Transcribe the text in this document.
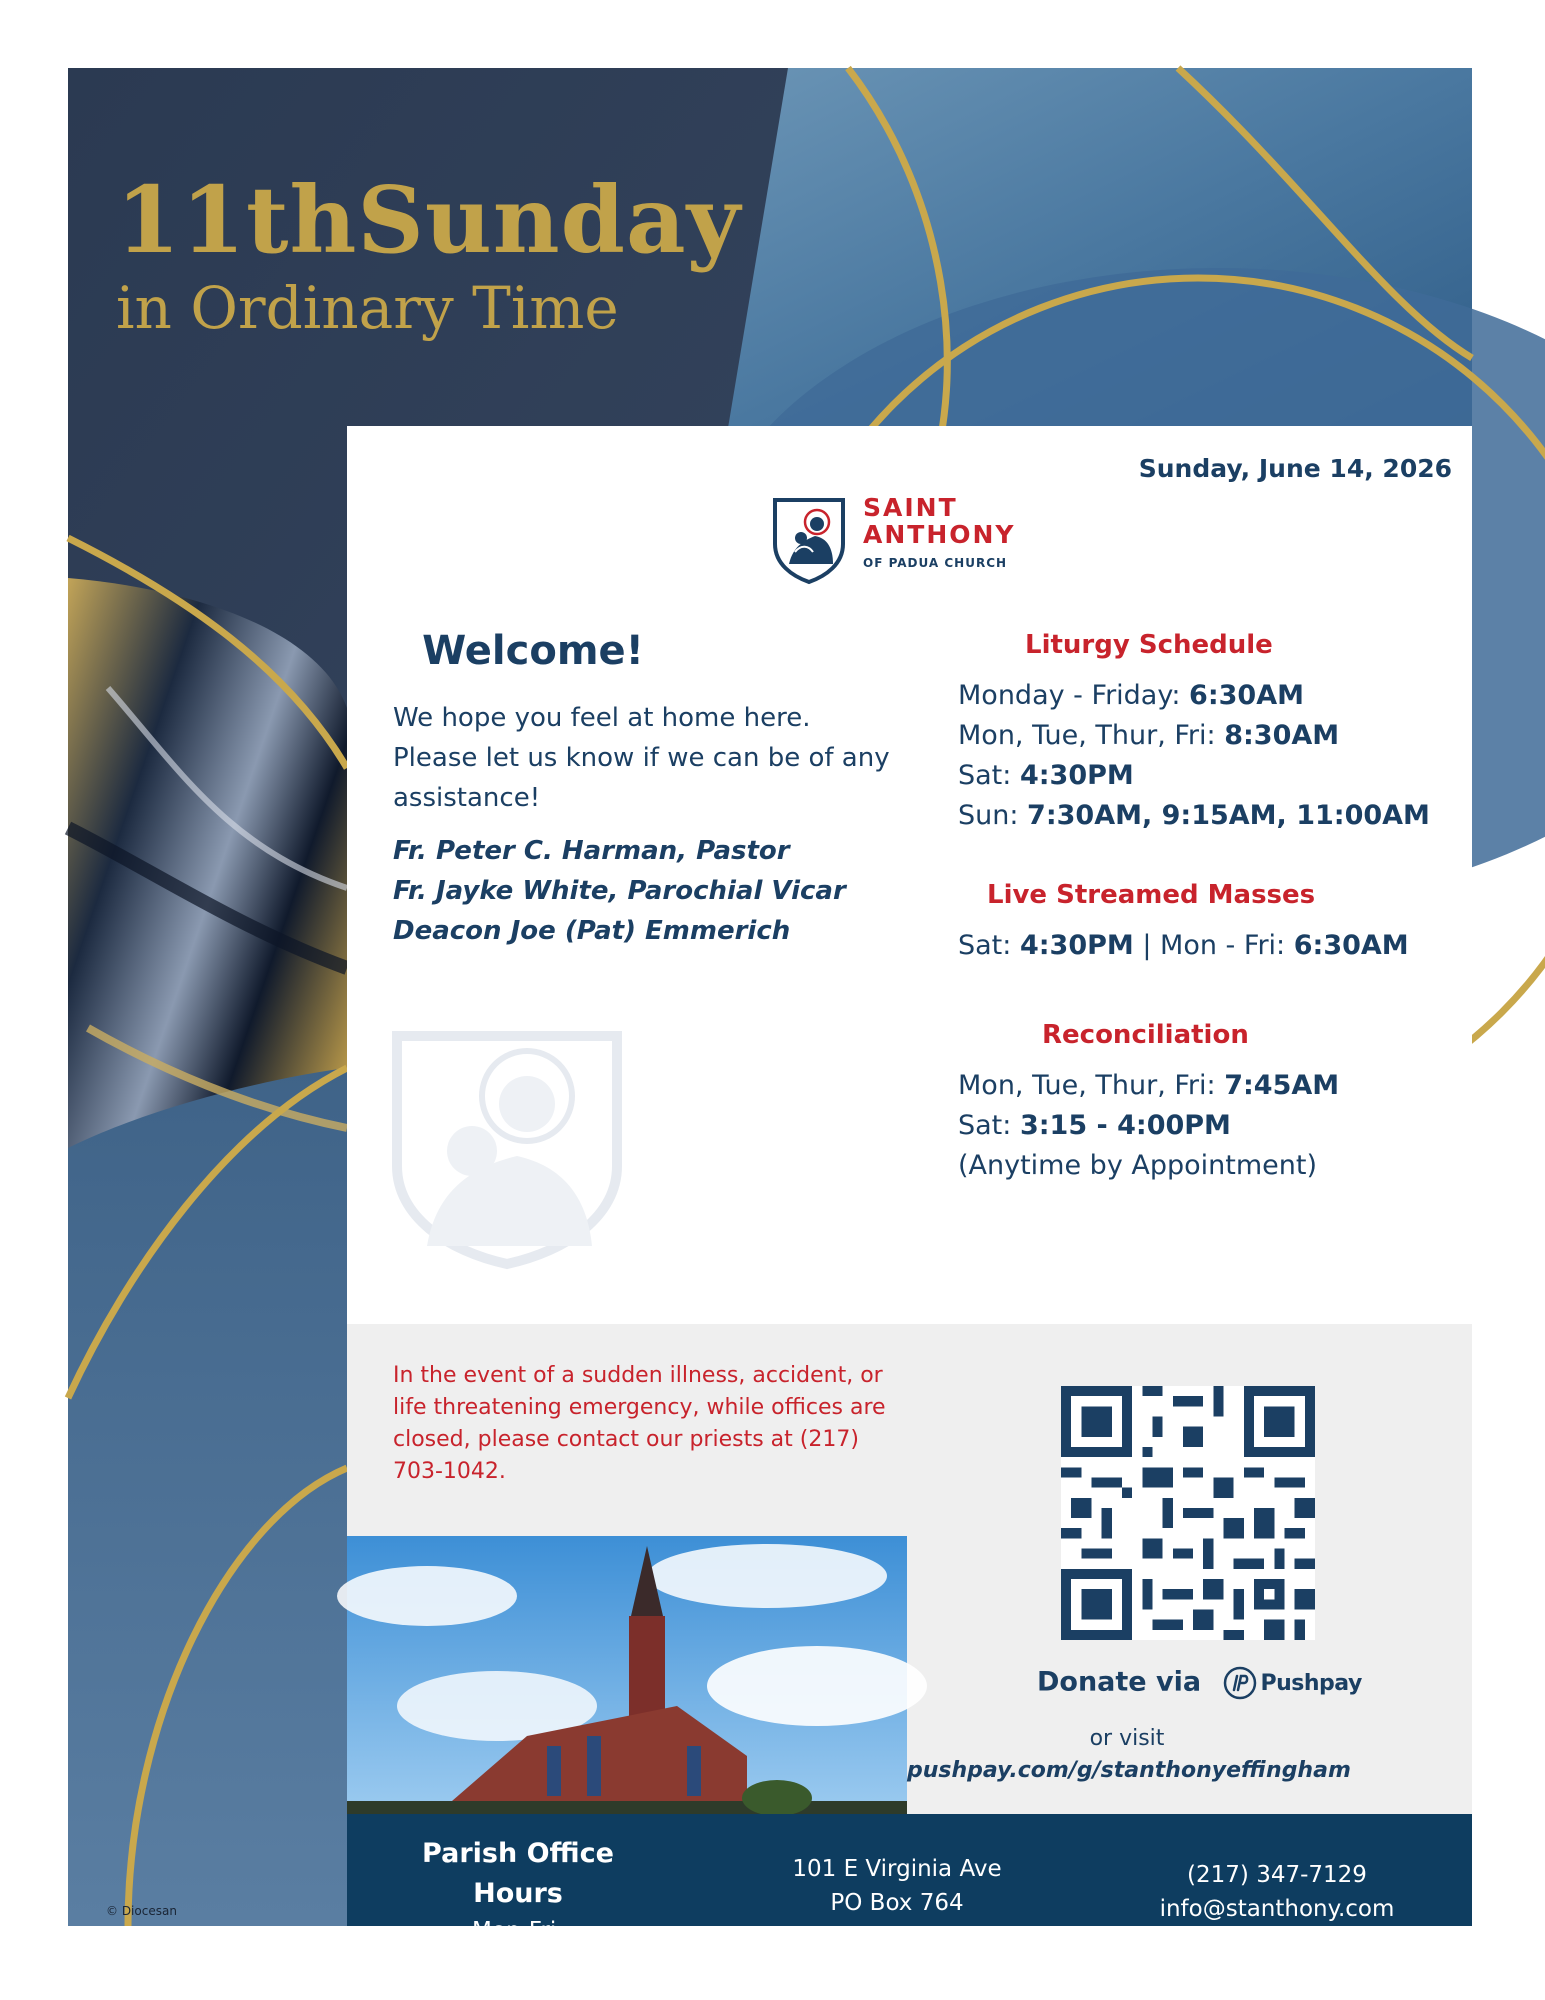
11thSunday
in Ordinary Time
Sunday, June 14, 2026
SAINT
ANTHONY
OF PADUA CHURCH
Welcome!
We hope you feel at home here. Please let us know if we can be of any assistance!
Fr. Peter C. Harman, Pastor
Fr. Jayke White, Parochial Vicar
Deacon Joe (Pat) Emmerich
Liturgy Schedule
Monday - Friday: 6:30AM
Mon, Tue, Thur, Fri: 8:30AM
Sat: 4:30PM
Sun: 7:30AM, 9:15AM, 11:00AM
Live Streamed Masses
Sat: 4:30PM | Mon - Fri: 6:30AM
Reconciliation
Mon, Tue, Thur, Fri: 7:45AM
Sat: 3:15 - 4:00PM
(Anytime by Appointment)
In the event of a sudden illness, accident, or life threatening emergency, while offices are closed, please contact our priests at (217) 703-1042.
Donate via	Pushpay
or visit
pushpay.com/g/stanthonyeffingham
Parish Office Hours
Mon-Fri:
9:00AM-4:00PM
101 E Virginia Ave
PO Box 764
Effingham, IL 62401
(217) 347-7129
info@stanthony.com
stanthony.com
© Diocesan
